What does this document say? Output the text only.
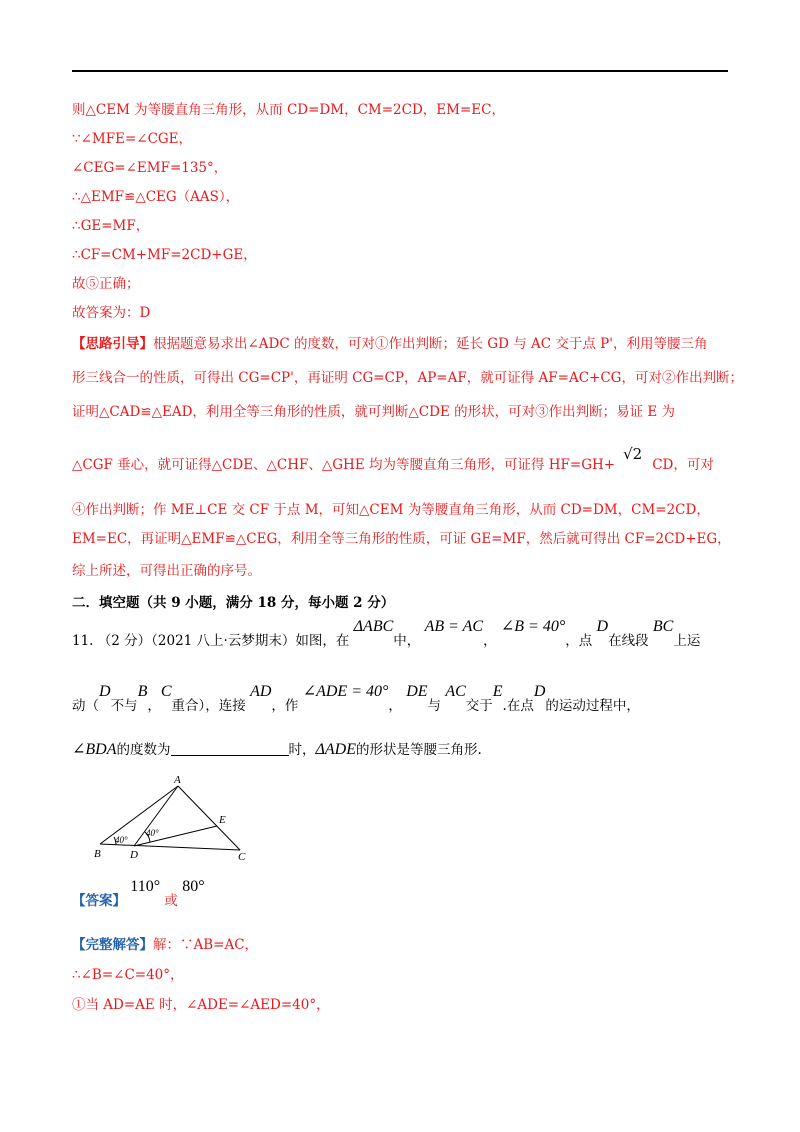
则△CEM 为等腰直角三角形，从而 CD=DM，CM=2CD，EM=EC，
∵∠MFE=∠CGE，
∠CEG=∠EMF=135°，
∴△EMF≌△CEG（AAS），
∴GE=MF，
∴CF=CM+MF=2CD+GE，
故⑤正确；
故答案为：D
【思路引导】根据题意易求出∠ADC 的度数，可对①作出判断；延长 GD 与 AC 交于点 P'，利用等腰三角
形三线合一的性质，可得出 CG=CP'，再证明 CG=CP，AP=AF，就可证得 AF=AC+CG，可对②作出判断；
证明△CAD≌△EAD，利用全等三角形的性质，就可判断△CDE 的形状，可对③作出判断；易证 E 为
△CGF 垂心，就可证得△CDE、△CHF、△GHE 均为等腰直角三角形，可证得 HF=GH+√2CD，可对
④作出判断；作 ME⊥CE 交 CF 于点 M，可知△CEM 为等腰直角三角形，从而 CD=DM，CM=2CD，
EM=EC，再证明△EMF≌△CEG，利用全等三角形的性质，可证 GE=MF，然后就可得出 CF=2CD+EG，
综上所述，可得出正确的序号。
二．填空题（共 9 小题，满分 18 分，每小题 2 分）
11. （2 分）（2021 八上·云梦期末）如图，在 ΔABC中， AB = AC， ∠B = 40°，点 D在线段 BC上运
动（D不与B，C重合），连接 AD，作 ∠ADE = 40°， DE与 AC交于E.在点D的运动过程中，
∠BDA的度数为	时，ΔADE的形状是等腰三角形.
A
B	D	C
E
40°
40°
【答案】 110° 或 80°
【完整解答】解：∵AB=AC，
∴∠B=∠C=40°，
①当 AD=AE 时，∠ADE=∠AED=40°，
